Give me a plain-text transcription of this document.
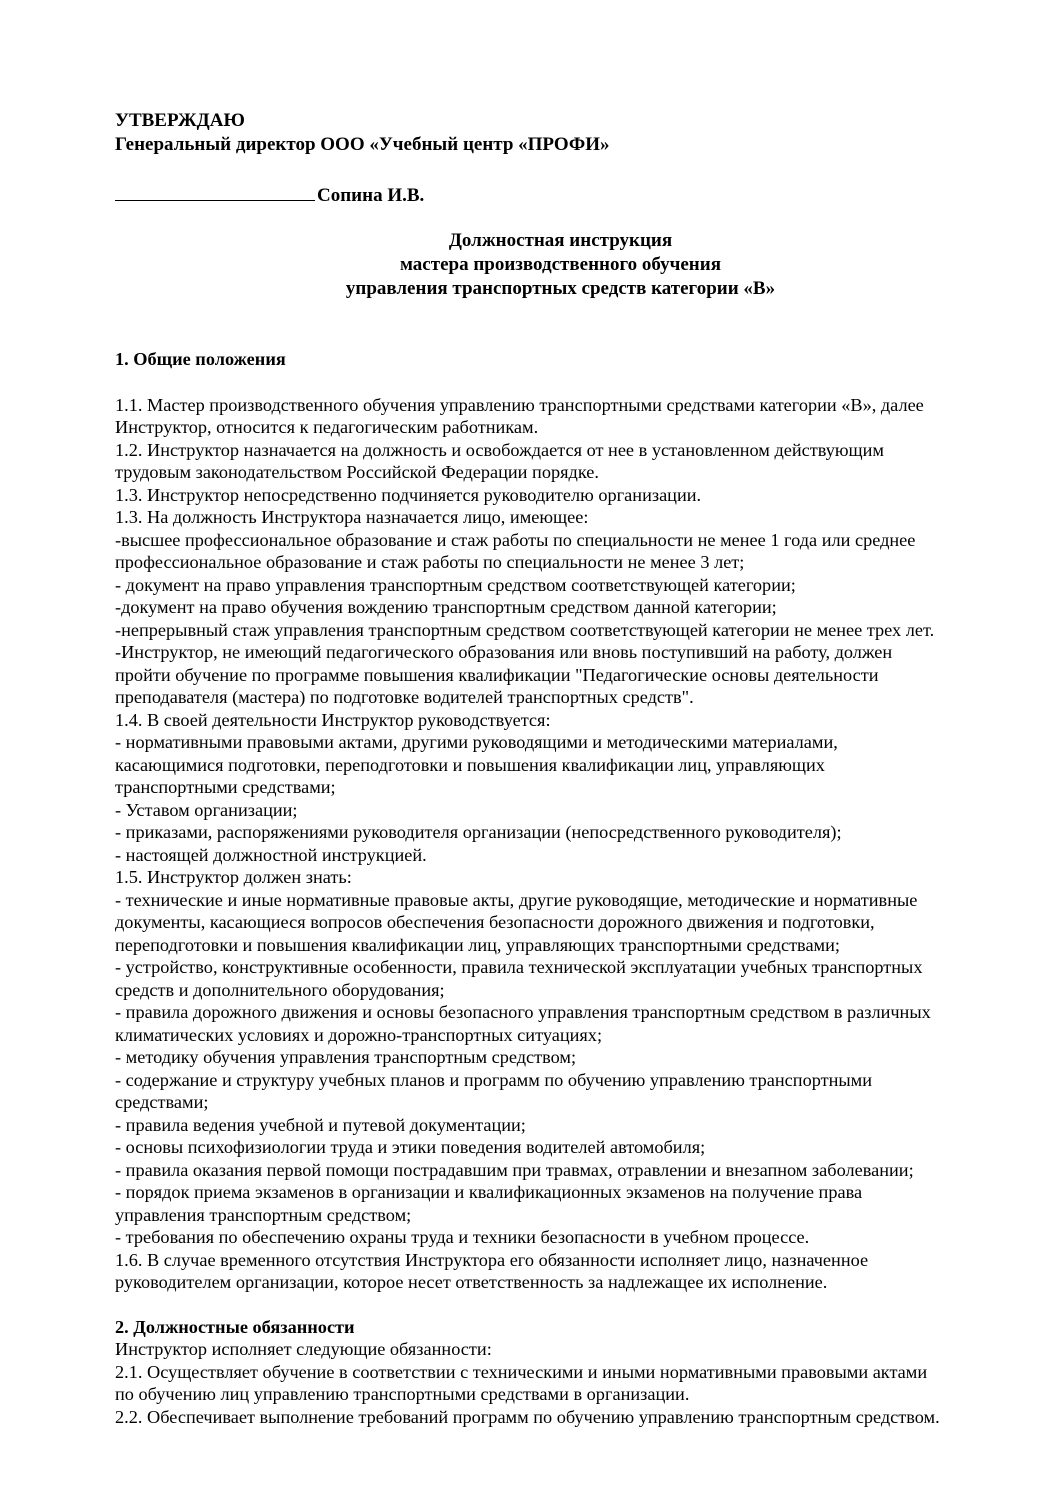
УТВЕРЖДАЮ
Генеральный директор ООО «Учебный центр «ПРОФИ»
Сопина И.В.
Должностная инструкция
мастера производственного обучения
управления транспортных средств категории «В»
1. Общие положения
1.1. Мастер производственного обучения управлению транспортными средствами категории «В», далее
Инструктор, относится к педагогическим работникам.
1.2. Инструктор назначается на должность и освобождается от нее в установленном действующим
трудовым законодательством Российской Федерации порядке.
1.3. Инструктор непосредственно подчиняется руководителю организации.
1.3. На должность Инструктора назначается лицо, имеющее:
-высшее профессиональное образование и стаж работы по специальности не менее 1 года или среднее
профессиональное образование и стаж работы по специальности не менее 3 лет;
- документ на право управления транспортным средством соответствующей категории;
-документ на право обучения вождению транспортным средством данной категории;
-непрерывный стаж управления транспортным средством соответствующей категории не менее трех лет.
-Инструктор, не имеющий педагогического образования или вновь поступивший на работу, должен
пройти обучение по программе повышения квалификации "Педагогические основы деятельности
преподавателя (мастера) по подготовке водителей транспортных средств".
1.4. В своей деятельности Инструктор руководствуется:
- нормативными правовыми актами, другими руководящими и методическими материалами,
касающимися подготовки, переподготовки и повышения квалификации лиц, управляющих
транспортными средствами;
- Уставом организации;
- приказами, распоряжениями руководителя организации (непосредственного руководителя);
- настоящей должностной инструкцией.
1.5. Инструктор должен знать:
- технические и иные нормативные правовые акты, другие руководящие, методические и нормативные
документы, касающиеся вопросов обеспечения безопасности дорожного движения и подготовки,
переподготовки и повышения квалификации лиц, управляющих транспортными средствами;
- устройство, конструктивные особенности, правила технической эксплуатации учебных транспортных
средств и дополнительного оборудования;
- правила дорожного движения и основы безопасного управления транспортным средством в различных
климатических условиях и дорожно-транспортных ситуациях;
- методику обучения управления транспортным средством;
- содержание и структуру учебных планов и программ по обучению управлению транспортными
средствами;
- правила ведения учебной и путевой документации;
- основы психофизиологии труда и этики поведения водителей автомобиля;
- правила оказания первой помощи пострадавшим при травмах, отравлении и внезапном заболевании;
- порядок приема экзаменов в организации и квалификационных экзаменов на получение права
управления транспортным средством;
- требования по обеспечению охраны труда и техники безопасности в учебном процессе.
1.6. В случае временного отсутствия Инструктора его обязанности исполняет лицо, назначенное
руководителем организации, которое несет ответственность за надлежащее их исполнение.
2. Должностные обязанности
Инструктор исполняет следующие обязанности:
2.1. Осуществляет обучение в соответствии с техническими и иными нормативными правовыми актами
по обучению лиц управлению транспортными средствами в организации.
2.2. Обеспечивает выполнение требований программ по обучению управлению транспортным средством.
